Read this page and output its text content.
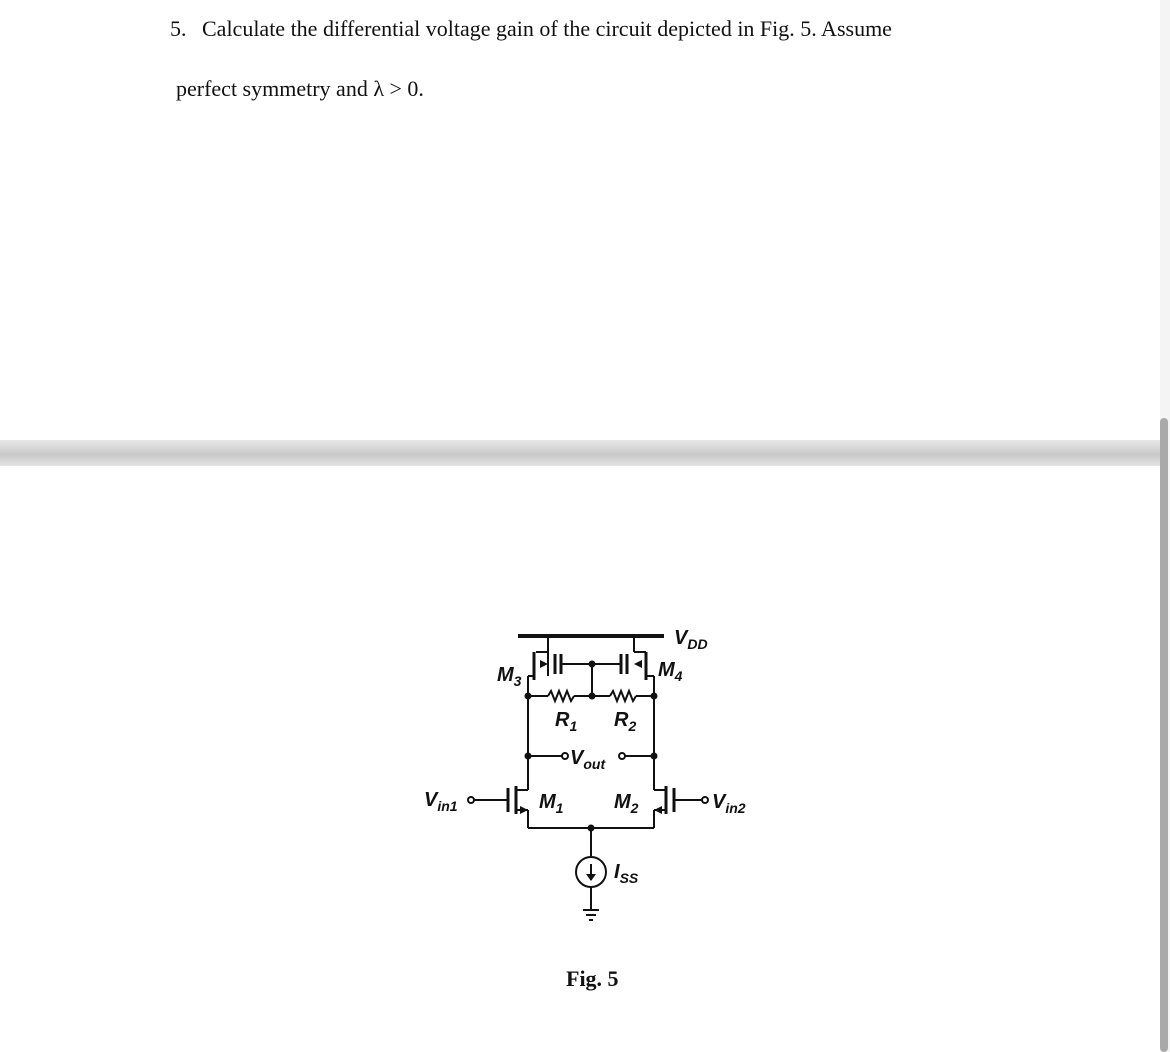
5. Calculate the differential voltage gain of the circuit depicted in Fig. 5. Assume
perfect symmetry and λ > 0.
$V_{DD}$
$M_3$	$M_4$
$R_1$ $R_2$
$V_{out}$
$V_{in1}$	$V_{in2}$
$M_1$	$M_2$
$I_{SS}$
Fig. 5
